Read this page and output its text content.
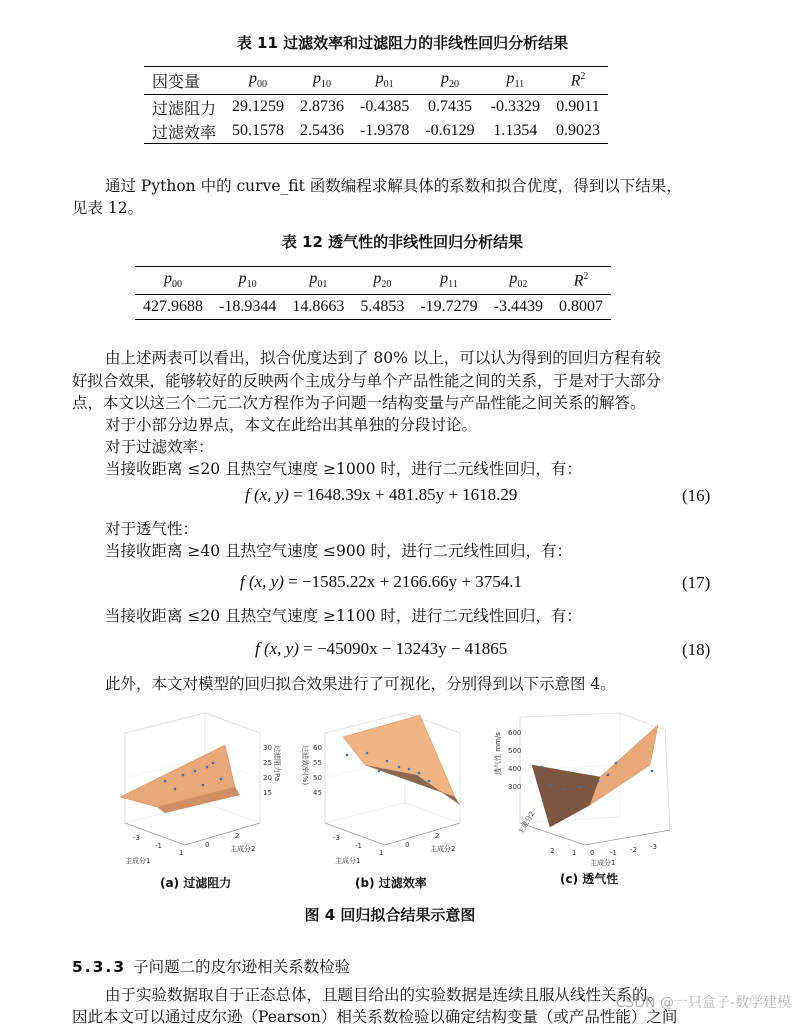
表 11 过滤效率和过滤阻力的非线性回归分析结果
因变量	$p_{00}$	$p_{10}$	$p_{01}$	$p_{20}$	$p_{11}$	$R^2$
过滤阻力	29.1259	2.8736	-0.4385	0.7435	-0.3329	0.9011
过滤效率	50.1578	2.5436	-1.9378	-0.6129	1.1354	0.9023
通过 Python 中的 curve_fit 函数编程求解具体的系数和拟合优度，得到以下结果，
见表 12。
表 12 透气性的非线性回归分析结果
$p_{00}$	$p_{10}$	$p_{01}$	$p_{20}$	$p_{11}$	$p_{02}$	$R^2$
427.9688	-18.9344	14.8663	5.4853	-19.7279	-3.4439	0.8007
由上述两表可以看出，拟合优度达到了 80% 以上，可以认为得到的回归方程有较
好拟合效果，能够较好的反映两个主成分与单个产品性能之间的关系，于是对于大部分
点，本文以这三个二元二次方程作为子问题一结构变量与产品性能之间关系的解答。
对于小部分边界点，本文在此给出其单独的分段讨论。
对于过滤效率：
当接收距离 ≤20 且热空气速度 ≥1000 时，进行二元线性回归，有：
f (x, y) = 1648.39x + 481.85y + 1618.29	(16)
对于透气性：
当接收距离 ≥40 且热空气速度 ≤900 时，进行二元线性回归，有：
f (x, y) = −1585.22x + 2166.66y + 3754.1	(17)
当接收距离 ≤20 且热空气速度 ≥1100 时，进行二元线性回归，有：
f (x, y) = −45090x − 13243y − 41865	(18)
此外，本文对模型的回归拟合效果进行了可视化，分别得到以下示意图 4。
-3
-1
1
0
2
30
25
20
15
主成分1
主成分2
过滤阻力Pa
(a) 过滤阻力
-3
-1
1
0
2
60
55
50
45
主成分1
主成分2
过滤效率(%)
(b) 过滤效率
600
500
400
300
2	1 0 -1 -2 -3
主成分1
主成分2
透气性 mm/s
(c) 透气性
图 4 回归拟合结果示意图
5.3.3 子问题二的皮尔逊相关系数检验
由于实验数据取自于正态总体，且题目给出的实验数据是连续且服从线性关系的。
因此本文可以通过皮尔逊（Pearson）相关系数检验以确定结构变量（或产品性能）之间
CSDN @一只盒子-数学建模
